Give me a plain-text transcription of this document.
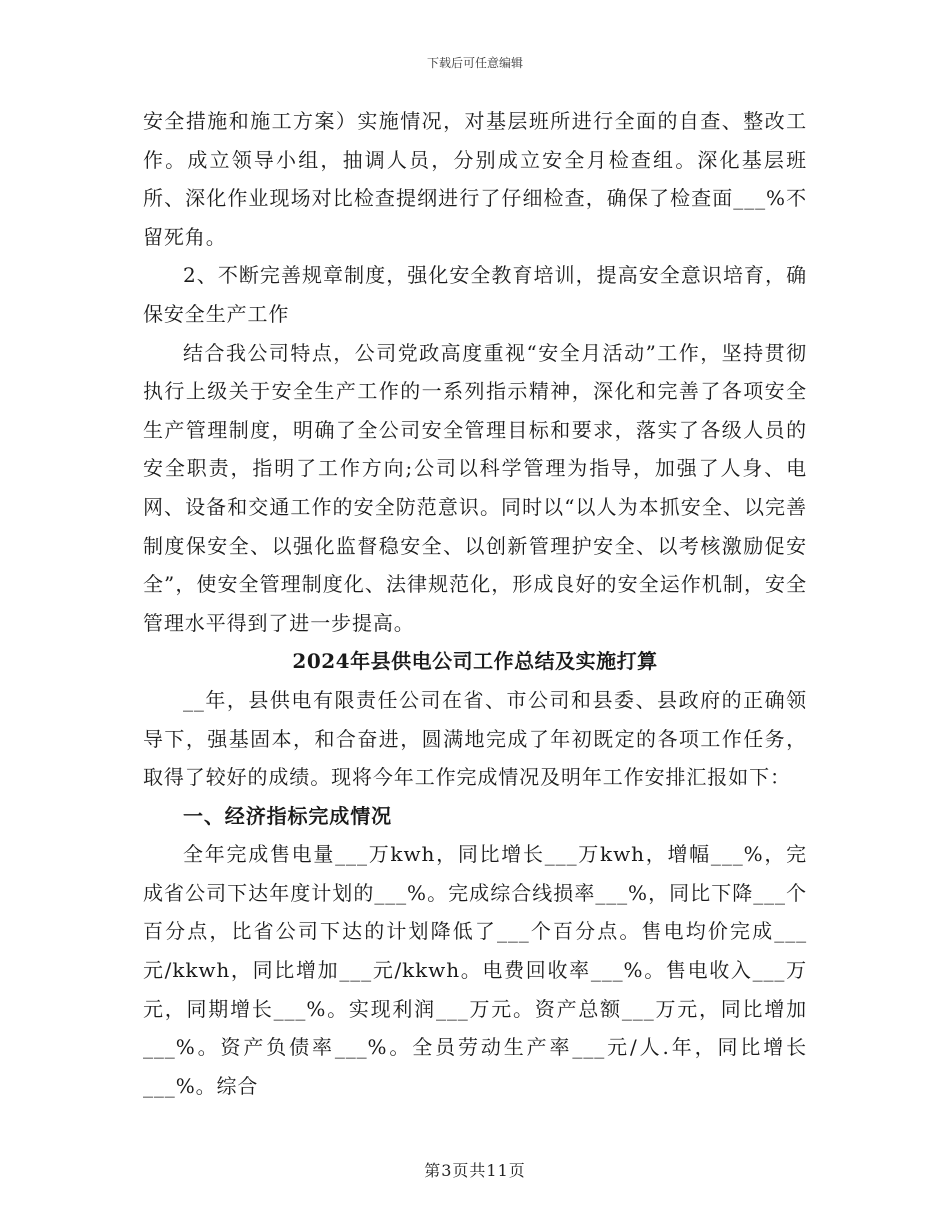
下载后可任意编辑

安全措施和施工方案）实施情况，对基层班所进行全面的自查、整改工作。成立领导小组，抽调人员，分别成立安全月检查组。深化基层班所、深化作业现场对比检查提纲进行了仔细检查，确保了检查面___%不留死角。

2、不断完善规章制度，强化安全教育培训，提高安全意识培育，确保安全生产工作

结合我公司特点，公司党政高度重视“安全月活动”工作，坚持贯彻执行上级关于安全生产工作的一系列指示精神，深化和完善了各项安全生产管理制度，明确了全公司安全管理目标和要求，落实了各级人员的安全职责，指明了工作方向;公司以科学管理为指导，加强了人身、电网、设备和交通工作的安全防范意识。同时以“以人为本抓安全、以完善制度保安全、以强化监督稳安全、以创新管理护安全、以考核激励促安全”，使安全管理制度化、法律规范化，形成良好的安全运作机制，安全管理水平得到了进一步提高。

2024年县供电公司工作总结及实施打算

__年，县供电有限责任公司在省、市公司和县委、县政府的正确领导下，强基固本，和合奋进，圆满地完成了年初既定的各项工作任务，取得了较好的成绩。现将今年工作完成情况及明年工作安排汇报如下：

一、经济指标完成情况

全年完成售电量___万kwh，同比增长___万kwh，增幅___%，完成省公司下达年度计划的___%。完成综合线损率___%，同比下降___个百分点，比省公司下达的计划降低了___个百分点。售电均价完成___元/kkwh，同比增加___元/kkwh。电费回收率___%。售电收入___万元，同期增长___%。实现利润___万元。资产总额___万元，同比增加___%。资产负债率___%。全员劳动生产率___元/人.年，同比增长___%。综合

第3页共11页
